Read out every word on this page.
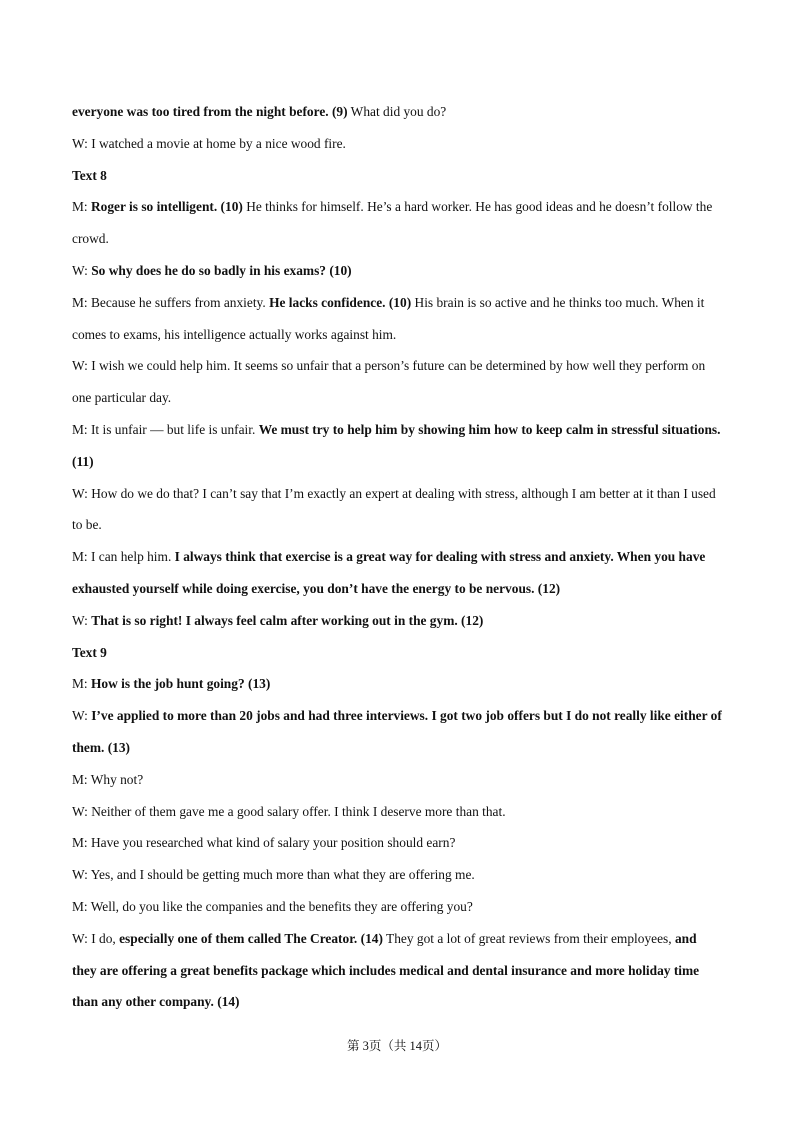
everyone was too tired from the night before. (9) What did you do?
W: I watched a movie at home by a nice wood fire.
Text 8
M: Roger is so intelligent. (10) He thinks for himself. He’s a hard worker. He has good ideas and he doesn’t follow the crowd.
W: So why does he do so badly in his exams? (10)
M: Because he suffers from anxiety. He lacks confidence. (10) His brain is so active and he thinks too much. When it comes to exams, his intelligence actually works against him.
W: I wish we could help him. It seems so unfair that a person’s future can be determined by how well they perform on one particular day.
M: It is unfair — but life is unfair. We must try to help him by showing him how to keep calm in stressful situations. (11)
W: How do we do that? I can’t say that I’m exactly an expert at dealing with stress, although I am better at it than I used to be.
M: I can help him. I always think that exercise is a great way for dealing with stress and anxiety. When you have exhausted yourself while doing exercise, you don’t have the energy to be nervous. (12)
W: That is so right! I always feel calm after working out in the gym. (12)
Text 9
M: How is the job hunt going? (13)
W: I’ve applied to more than 20 jobs and had three interviews. I got two job offers but I do not really like either of them. (13)
M: Why not?
W: Neither of them gave me a good salary offer. I think I deserve more than that.
M: Have you researched what kind of salary your position should earn?
W: Yes, and I should be getting much more than what they are offering me.
M: Well, do you like the companies and the benefits they are offering you?
W: I do, especially one of them called The Creator. (14) They got a lot of great reviews from their employees, and they are offering a great benefits package which includes medical and dental insurance and more holiday time than any other company. (14)
第 3页（共 14页）
